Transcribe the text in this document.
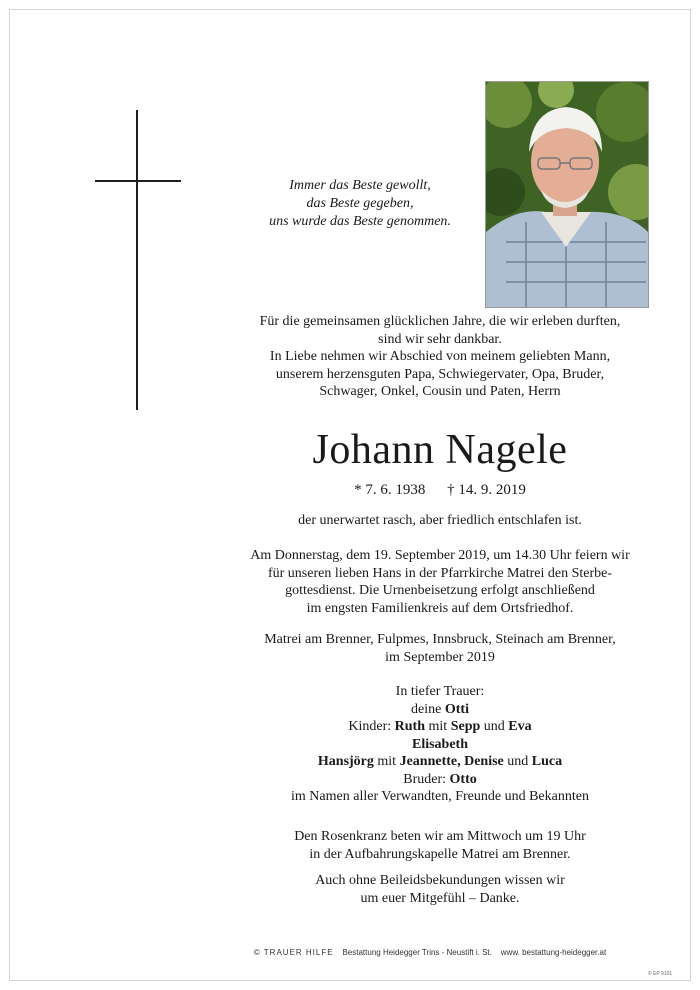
Immer das Beste gewollt,
das Beste gegeben,
uns wurde das Beste genommen.
Für die gemeinsamen glücklichen Jahre, die wir erleben durften,
sind wir sehr dankbar.
In Liebe nehmen wir Abschied von meinem geliebten Mann,
unserem herzensguten Papa, Schwiegervater, Opa, Bruder,
Schwager, Onkel, Cousin und Paten, Herrn
Johann Nagele
* 7. 6. 1938 † 14. 9. 2019
der unerwartet rasch, aber friedlich entschlafen ist.
Am Donnerstag, dem 19. September 2019, um 14.30 Uhr feiern wir
für unseren lieben Hans in der Pfarrkirche Matrei den Sterbe-
gottesdienst. Die Urnenbeisetzung erfolgt anschließend
im engsten Familienkreis auf dem Ortsfriedhof.
Matrei am Brenner, Fulpmes, Innsbruck, Steinach am Brenner,
im September 2019
In tiefer Trauer:
deine Otti
Kinder: Ruth mit Sepp und Eva
Elisabeth
Hansjörg mit Jeannette, Denise und Luca
Bruder: Otto
im Namen aller Verwandten, Freunde und Bekannten
Den Rosenkranz beten wir am Mittwoch um 19 Uhr
in der Aufbahrungskapelle Matrei am Brenner.
Auch ohne Beileidsbekundungen wissen wir
um euer Mitgefühl – Danke.
© TRAUER HILFE Bestattung Heidegger Trins - Neustift i. St. www. bestattung-heidegger.at
© EP 9101
